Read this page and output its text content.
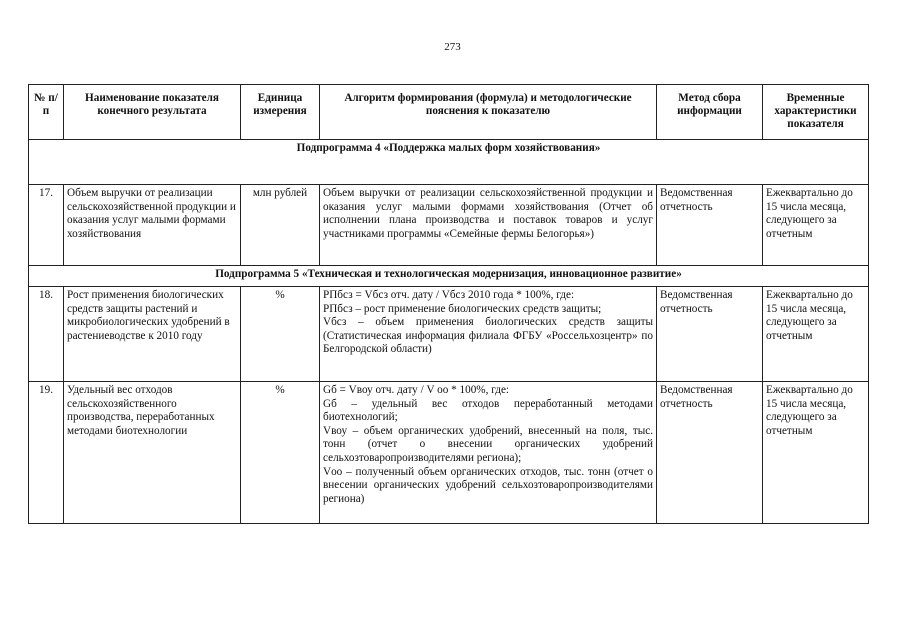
273
№ п/п	Наименование показателя конечного результата	Единица измерения	Алгоритм формирования (формула) и методологические пояснения к показателю	Метод сбора информации	Временные характеристики показателя
Подпрограмма 4 «Поддержка малых форм хозяйствования»					
17.	Объем выручки от реализации сельскохозяйственной продукции и оказания услуг малыми формами хозяйствования	млн рублей	Объем выручки от реализации сельскохозяйственной продукции и оказания услуг малыми формами хозяйствования (Отчет об исполнении плана производства и поставок товаров и услуг участниками программы «Семейные фермы Белогорья»)	Ведомственная отчетность	Ежеквартально до 15 числа месяца, следующего за отчетным
Подпрограмма 5 «Техническая и технологическая модернизация, инновационное развитие»					
18.	Рост применения биологических средств защиты растений и микробиологических удобрений в растениеводстве к 2010 году	%	РПбсз = Vбсз отч. дату / Vбсз 2010 года * 100%, где:
РПбсз – рост применение биологических средств защиты;
Vбсз – объем применения биологических средств защиты (Статистическая информация филиала ФГБУ «Россельхозцентр» по Белгородской области)	Ведомственная отчетность	Ежеквартально до 15 числа месяца, следующего за отчетным
19.	Удельный вес отходов сельскохозяйственного производства, переработанных методами биотехнологии	%	Gб = Vвоу отч. дату / V оо * 100%, где:
Gб – удельный вес отходов переработанный методами биотехнологий;
Vвоу – объем органических удобрений, внесенный на поля, тыс. тонн (отчет о внесении органических удобрений сельхозтоваропроизводителями региона);
Vоо – полученный объем органических отходов, тыс. тонн (отчет о внесении органических удобрений сельхозтоваропроизводителями региона)	Ведомственная отчетность	Ежеквартально до 15 числа месяца, следующего за отчетным
